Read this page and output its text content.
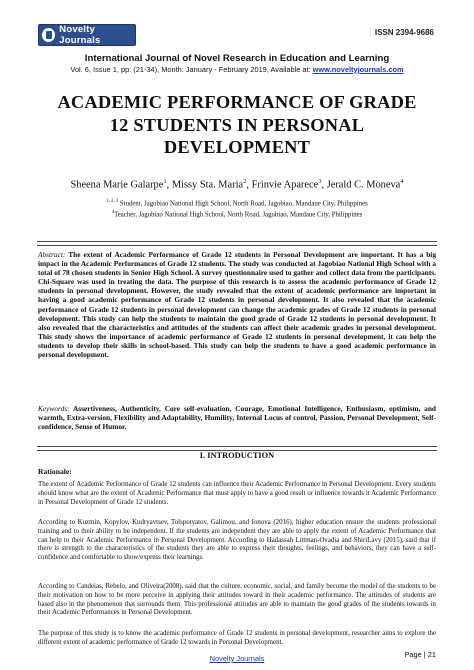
Novelty Journals
ISSN 2394-9686
International Journal of Novel Research in Education and Learning
Vol. 6, Issue 1, pp: (21-34), Month: January - February 2019, Available at: www.noveltyjournals.com
ACADEMIC PERFORMANCE OF GRADE
12 STUDENTS IN PERSONAL
DEVELOPMENT
Sheena Marie Galarpe$^1$, Missy Sta. Maria$^2$, Frinvie Aparece$^3$, Jerald C. Moneva$^4$
$^{1, 2, 3}$ Student, Jagobiao National High School, North Road, Jagobiao, Mandaue City, Philippines
$^4$Teacher, Jagobiao National High School, North Road, Jagobiao, Mandaue City, Philippines
Abstract: The extent of Academic Performance of Grade 12 students in Personal Development are important. It has a big impact in the Academic Performances of Grade 12 students. The study was conducted at Jagobiao National High School with a total of 78 chosen students in Senior High School. A survey questionnaire used to gather and collect data from the participants. Chi-Square was used in treating the data. The purpose of this research is to assess the academic performance of Grade 12 students in personal development. However, the study revealed that the extent of academic performance are important in having a good academic performance of Grade 12 students in personal development. It also revealed that the academic performance of Grade 12 students in personal development can change the academic grades of Grade 12 students in personal development. This study can help the students to maintain the good grade of Grade 12 students in personal development. It also revealed that the characteristics and attitudes of the students can affect their academic grades in personal development. This study shows the importance of academic performance of Grade 12 students in personal development, it can help the students to develop their skills in school-based. This study can help the students to have a good academic performance in personal development.
Keywords: Assertiveness, Authenticity, Core self-evaluation, Courage, Emotional Intelligence, Enthusiasm, optimism, and warmth, Extra-version, Flexibility and Adaptability, Humility, Internal Locus of control, Passion, Personal Development, Self-confidence, Sense of Humor.
I. INTRODUCTION
Rationale:
The extent of Academic Performance of Grade 12 students can influence their Academic Performance in Personal Development. Every students should know what are the extent of Academic Performance that must apply to have a good result or influence towards it Academic Performance in Personal Development of Grade 12 students.
According to Kuzmin, Kopylov, Kudryavtsev, Tolspotyatov, Galimou, and Ionova (2016), higher education ensure the students professional training and to their ability to be independent. If the students are independent they are able to apply the extent of Academic Performance that can help to their Academic Performance in Personal Development. According to Hadassah Littman-Ovadia and ShiriLavy (2015), said that if there is strength to the characteristics of the students they are able to express their thoughts, feelings, and behaviors, they can have a self-confidence and comfortable to show/express their learnings.
According to Candeias, Rebelo, and Oliveira(2008), said that the culture, economic, social, and family become the model of the students to be their motivation on how to be more perceive in applying their attitudes toward in their academic performance. The attitudes of students are based also in the phenomenon that surrounds them. This professional attitudes are able to maintain the good grades of the students towards in their Academic Performances in Personal Development.
The purpose of this study is to know the academic performance of Grade 12 students in personal development, researcher aims to explore the different extent of academic performance of Grade 12 towards in Personal Development.
Novelty Journals	Page | 21
